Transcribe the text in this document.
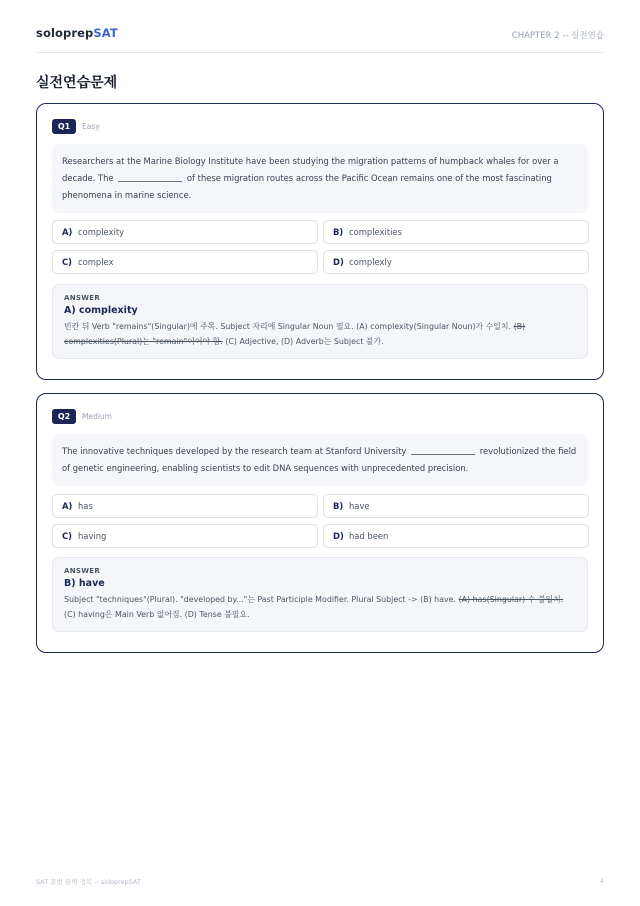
soloprepSAT	CHAPTER 2 -- 실전연습
실전연습문제
Q1	Easy
Researchers at the Marine Biology Institute have been studying the migration patterns of humpback whales for over a decade. The	of these migration routes across the Pacific Ocean remains one of the most fascinating phenomena in marine science.
A) complexity	B) complexities
C) complex	D) complexly
ANSWER
A) complexity
빈칸 뒤 Verb "remains"(Singular)에 주목. Subject 자리에 Singular Noun 필요. (A) complexity(Singular Noun)가 수일치. (B) complexities(Plural)는 "remain"이어야 함. (C) Adjective, (D) Adverb는 Subject 불가.
Q2	Medium
The innovative techniques developed by the research team at Stanford University	revolutionized the field of genetic engineering, enabling scientists to edit DNA sequences with unprecedented precision.
A) has	B) have
C) having	D) had been
ANSWER
B) have
Subject "techniques"(Plural). "developed by..."는 Past Participle Modifier. Plural Subject -> (B) have. (A) has(Singular) 수 불일치. (C) having은 Main Verb 없어짐. (D) Tense 불필요.
SAT 문법 완벽 정복 -- soloprepSAT	4
